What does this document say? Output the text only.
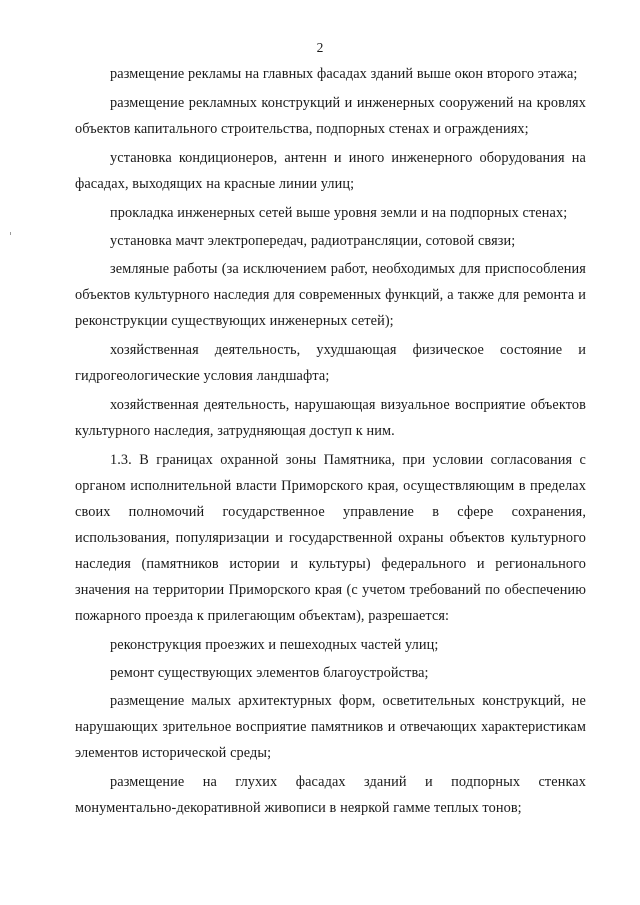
2

размещение рекламы на главных фасадах зданий выше окон второго этажа;

размещение рекламных конструкций и инженерных сооружений на кровлях объектов капитального строительства, подпорных стенах и ограждениях;

установка кондиционеров, антенн и иного инженерного оборудования на фасадах, выходящих на красные линии улиц;

прокладка инженерных сетей выше уровня земли и на подпорных стенах;

установка мачт электропередач, радиотрансляции, сотовой связи;

земляные работы (за исключением работ, необходимых для приспособления объектов культурного наследия для современных функций, а также для ремонта и реконструкции существующих инженерных сетей);

хозяйственная деятельность, ухудшающая физическое состояние и гидрогеологические условия ландшафта;

хозяйственная деятельность, нарушающая визуальное восприятие объектов культурного наследия, затрудняющая доступ к ним.

1.3. В границах охранной зоны Памятника, при условии согласования с органом исполнительной власти Приморского края, осуществляющим в пределах своих полномочий государственное управление в сфере сохранения, использования, популяризации и государственной охраны объектов культурного наследия (памятников истории и культуры) федерального и регионального значения на территории Приморского края (с учетом требований по обеспечению пожарного проезда к прилегающим объектам), разрешается:

реконструкция проезжих и пешеходных частей улиц;

ремонт существующих элементов благоустройства;

размещение малых архитектурных форм, осветительных конструкций, не нарушающих зрительное восприятие памятников и отвечающих характеристикам элементов исторической среды;

размещение на глухих фасадах зданий и подпорных стенках монументально-декоративной живописи в неяркой гамме теплых тонов;
